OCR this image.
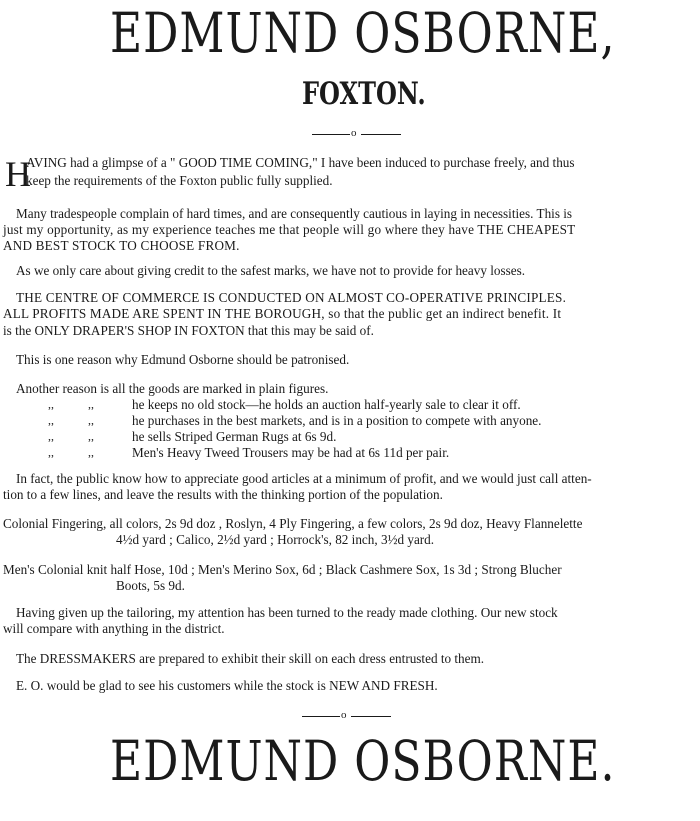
EDMUND OSBORNE,
FOXTON.
o
H
AVING had a glimpse of a " GOOD TIME COMING," I have been induced to purchase freely, and thus
keep the requirements of the Foxton public fully supplied.
Many tradespeople complain of hard times, and are consequently cautious in laying in necessities. This is
just my opportunity, as my experience teaches me that people will go where they have THE CHEAPEST
AND BEST STOCK TO CHOOSE FROM.
As we only care about giving credit to the safest marks, we have not to provide for heavy losses.
THE CENTRE OF COMMERCE IS CONDUCTED ON ALMOST CO-OPERATIVE PRINCIPLES.
ALL PROFITS MADE ARE SPENT IN THE BOROUGH, so that the public get an indirect benefit. It
is the ONLY DRAPER'S SHOP IN FOXTON that this may be said of.
This is one reason why Edmund Osborne should be patronised.
Another reason is all the goods are marked in plain figures.
,,	,,	he keeps no old stock—he holds an auction half-yearly sale to clear it off.
,,	,,	he purchases in the best markets, and is in a position to compete with anyone.
,,	,,	he sells Striped German Rugs at 6s 9d.
,,	,,	Men's Heavy Tweed Trousers may be had at 6s 11d per pair.
In fact, the public know how to appreciate good articles at a minimum of profit, and we would just call atten-
tion to a few lines, and leave the results with the thinking portion of the population.
Colonial Fingering, all colors, 2s 9d doz , Roslyn, 4 Ply Fingering, a few colors, 2s 9d doz, Heavy Flannelette
4½d yard ; Calico, 2½d yard ; Horrock's, 82 inch, 3½d yard.
Men's Colonial knit half Hose, 10d ; Men's Merino Sox, 6d ; Black Cashmere Sox, 1s 3d ; Strong Blucher
Boots, 5s 9d.
Having given up the tailoring, my attention has been turned to the ready made clothing. Our new stock
will compare with anything in the district.
The DRESSMAKERS are prepared to exhibit their skill on each dress entrusted to them.
E. O. would be glad to see his customers while the stock is NEW AND FRESH.
o
EDMUND OSBORNE.
